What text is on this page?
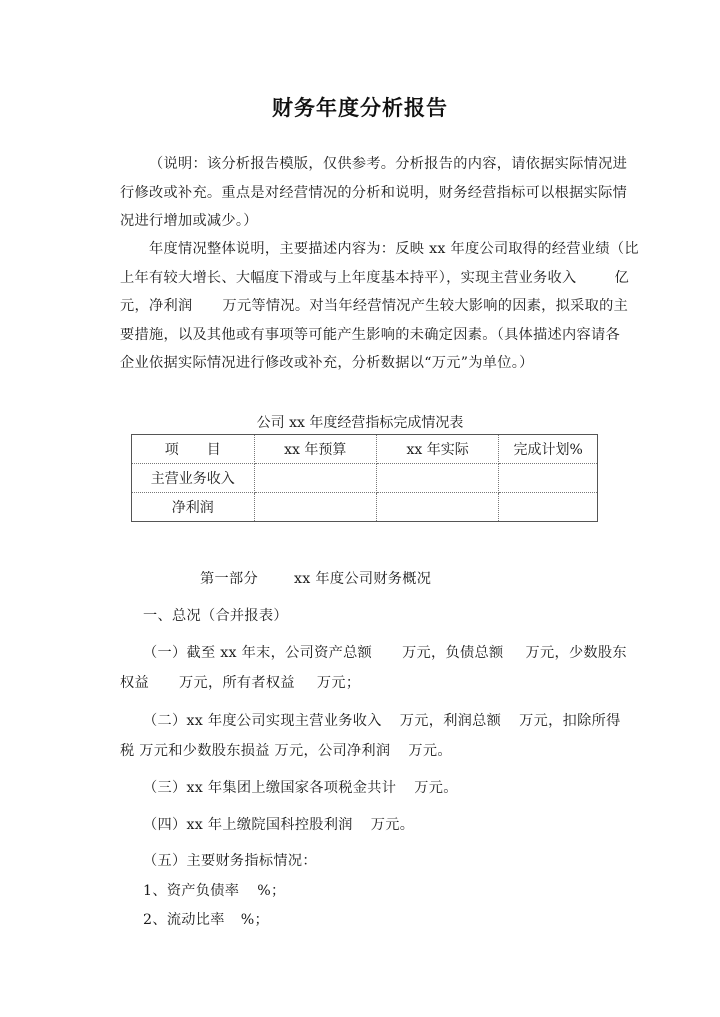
财务年度分析报告
（说明：该分析报告模版，仅供参考。分析报告的内容，请依据实际情况进
行修改或补充。重点是对经营情况的分析和说明，财务经营指标可以根据实际情
况进行增加或减少。）
年度情况整体说明，主要描述内容为：反映 xx 年度公司取得的经营业绩（比
上年有较大增长、大幅度下滑或与上年度基本持平），实现主营业务收入	亿
元，净利润 万元等情况。对当年经营情况产生较大影响的因素，拟采取的主
要措施，以及其他或有事项等可能产生影响的未确定因素。（具体描述内容请各
企业依据实际情况进行修改或补充，分析数据以“万元”为单位。）
公司 xx 年度经营指标完成情况表
项　　目	xx 年预算	xx 年实际	完成计划%
主营业务收入			
净利润			
第一部分	xx 年度公司财务概况
一、总况（合并报表）
（一）截至 xx 年末，公司资产总额 万元，负债总额 万元，少数股东
权益 万元，所有者权益 万元；
（二）xx 年度公司实现主营业务收入 万元，利润总额 万元，扣除所得
税 万元和少数股东损益 万元，公司净利润 万元。
（三）xx 年集团上缴国家各项税金共计 万元。
（四）xx 年上缴院国科控股利润 万元。
（五）主要财务指标情况：
1、资产负债率 %；
2、流动比率 %；
